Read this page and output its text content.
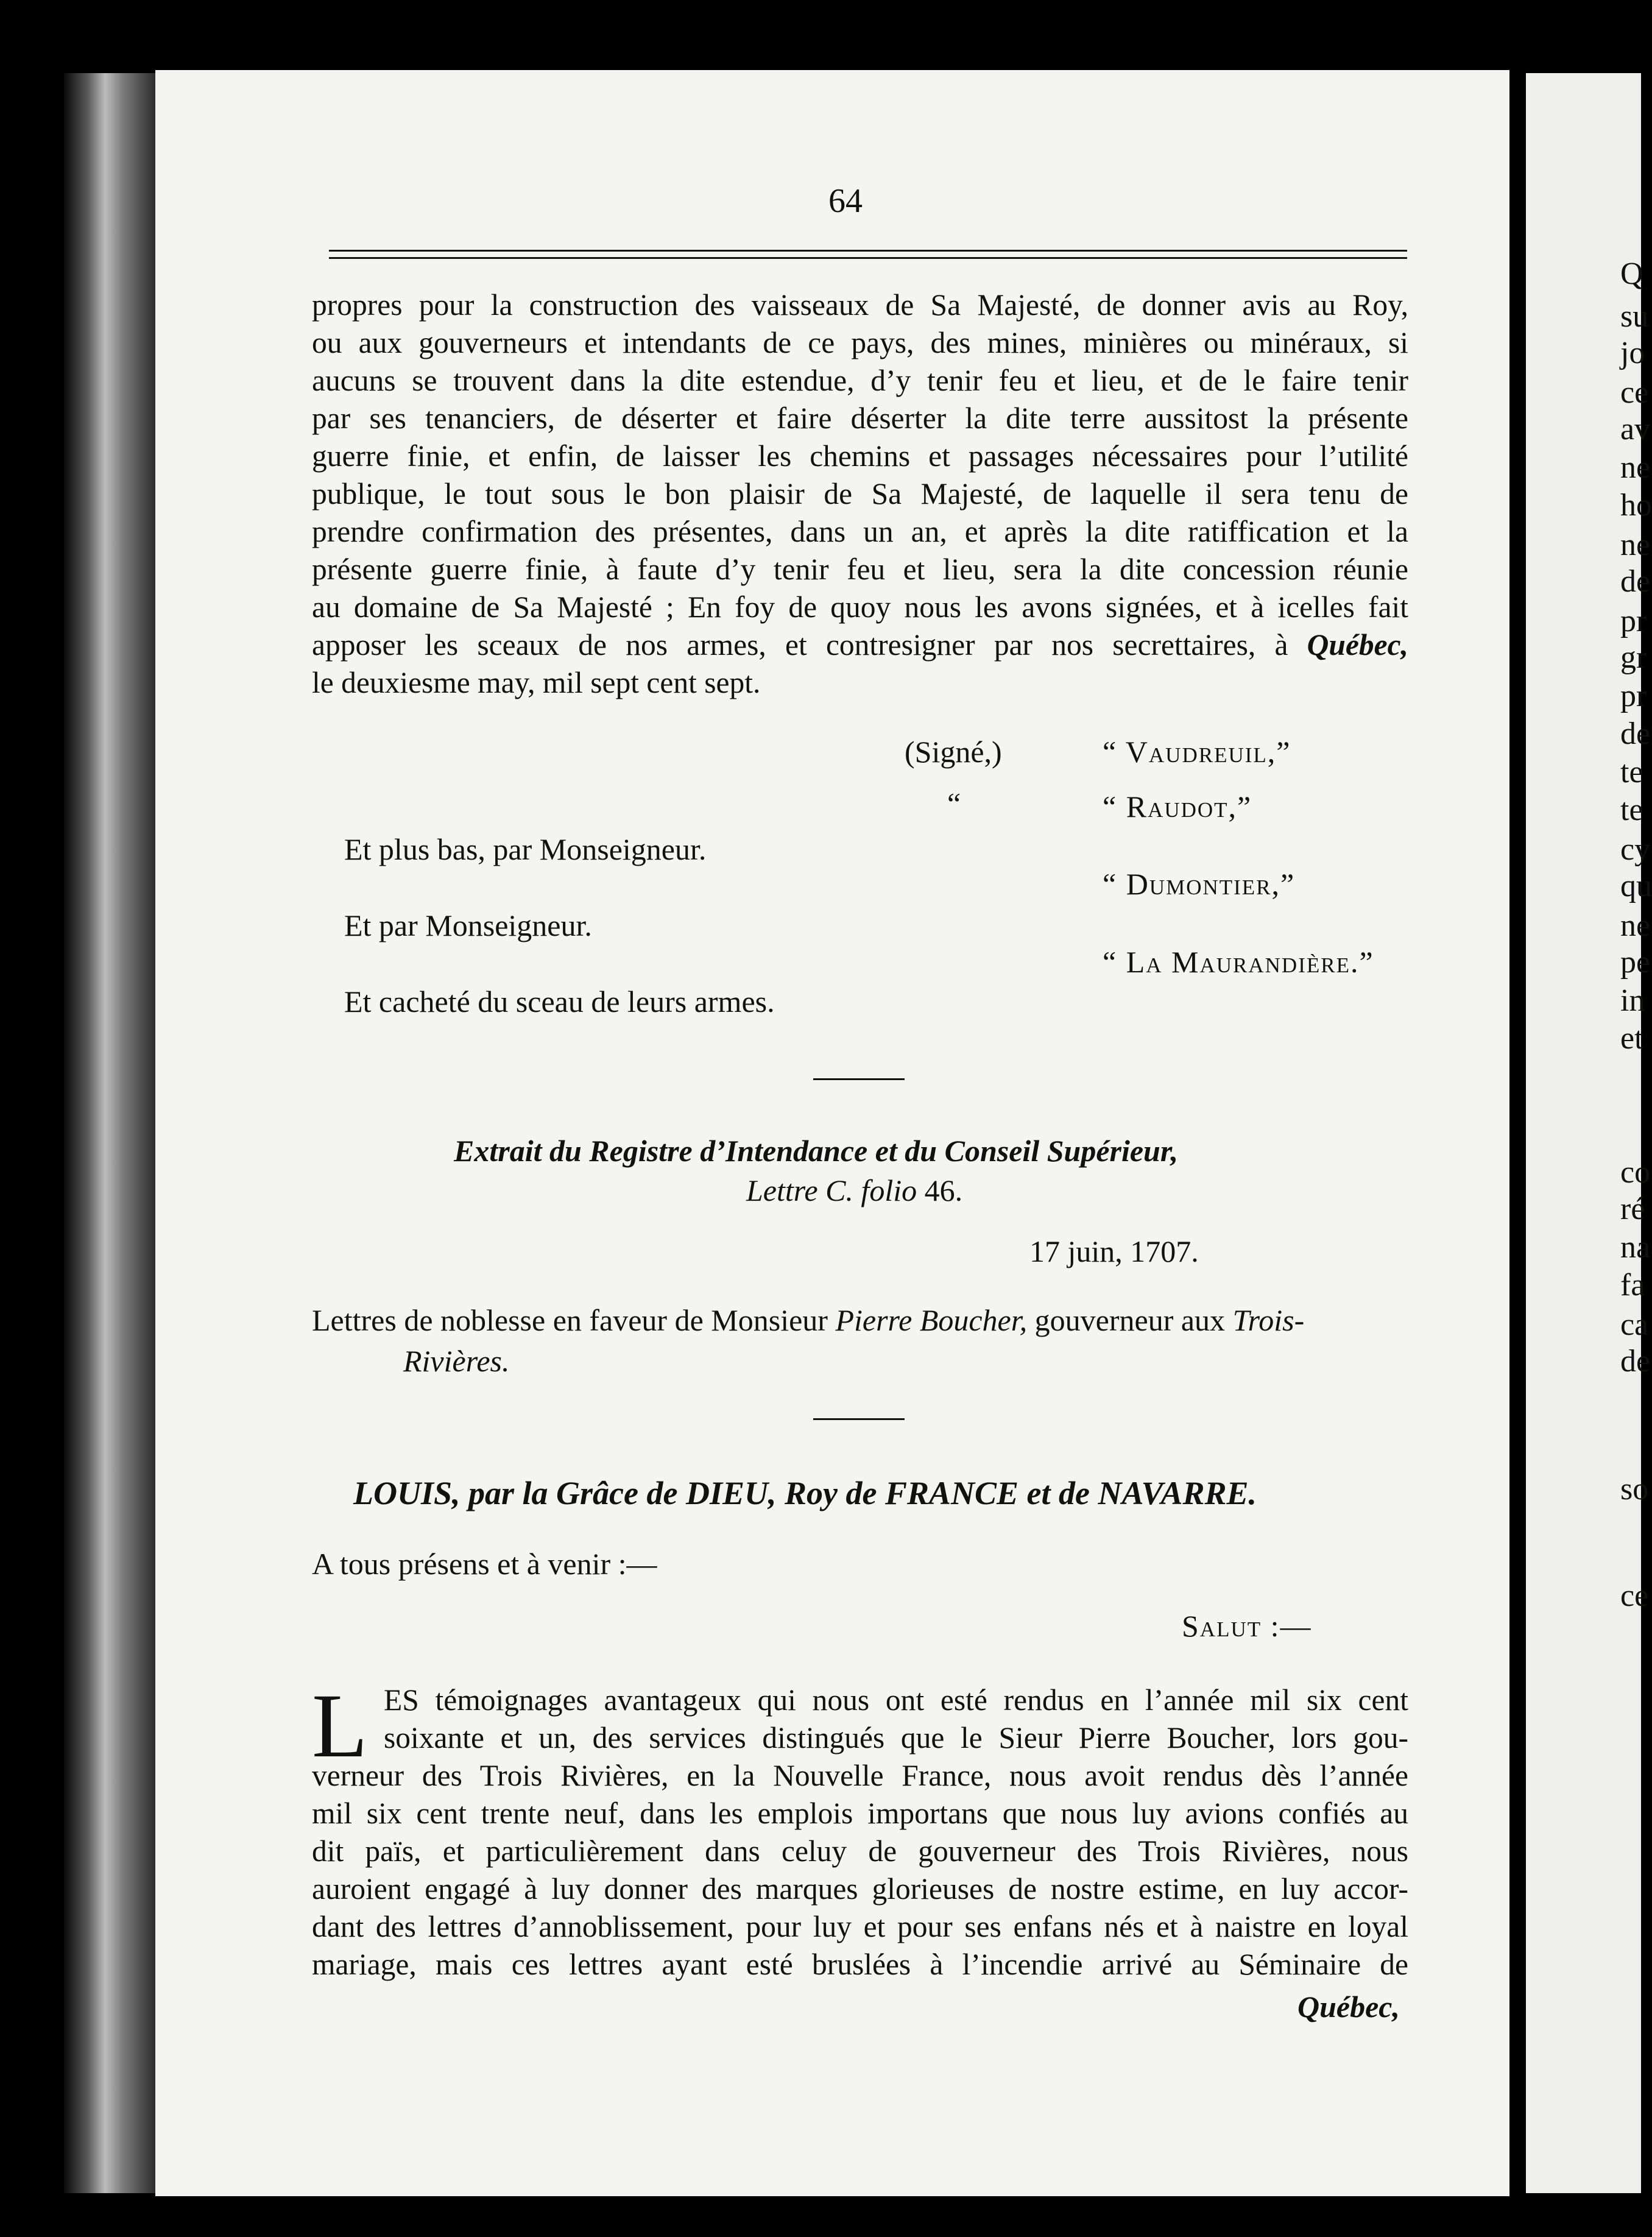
Q
su
jo
ce
av
ne
ho
ne
de
pr
gr
pr
de
te
te
cy
qu
ne
pe
in
et
co
ré
na
fa
ca
de
so
ce
64
propres pour la construction des vaisseaux de Sa Majesté, de donner avis au Roy,
ou aux gouverneurs et intendants de ce pays, des mines, minières ou minéraux, si
aucuns se trouvent dans la dite estendue, d’y tenir feu et lieu, et de le faire tenir
par ses tenanciers, de déserter et faire déserter la dite terre aussitost la présente
guerre finie, et enfin, de laisser les chemins et passages nécessaires pour l’utilité
publique, le tout sous le bon plaisir de Sa Majesté, de laquelle il sera tenu de
prendre confirmation des présentes, dans un an, et après la dite ratiffication et la
présente guerre finie, à faute d’y tenir feu et lieu, sera la dite concession réunie
au domaine de Sa Majesté ; En foy de quoy nous les avons signées, et à icelles fait
apposer les sceaux de nos armes, et contresigner par nos secrettaires, à Québec,
le deuxiesme may, mil sept cent sept.
(Signé,)	“ Vaudreuil,”
“	“ Raudot,”
Et plus bas, par Monseigneur.
“ Dumontier,”
Et par Monseigneur.
“ La Maurandière.”
Et cacheté du sceau de leurs armes.
Extrait du Registre d’Intendance et du Conseil Supérieur,
Lettre C. folio 46.
17 juin, 1707.
Lettres de noblesse en faveur de Monsieur Pierre Boucher, gouverneur aux Trois-
Rivières.
LOUIS, par la Grâce de DIEU, Roy de FRANCE et de NAVARRE.
A tous présens et à venir :—
Salut :—
L ES témoignages avantageux qui nous ont esté rendus en l’année mil six cent
soixante et un, des services distingués que le Sieur Pierre Boucher, lors gou-
verneur des Trois Rivières, en la Nouvelle France, nous avoit rendus dès l’année
mil six cent trente neuf, dans les emplois importans que nous luy avions confiés au
dit païs, et particulièrement dans celuy de gouverneur des Trois Rivières, nous
auroient engagé à luy donner des marques glorieuses de nostre estime, en luy accor-
dant des lettres d’annoblissement, pour luy et pour ses enfans nés et à naistre en loyal
mariage, mais ces lettres ayant esté bruslées à l’incendie arrivé au Séminaire de
Québec,
